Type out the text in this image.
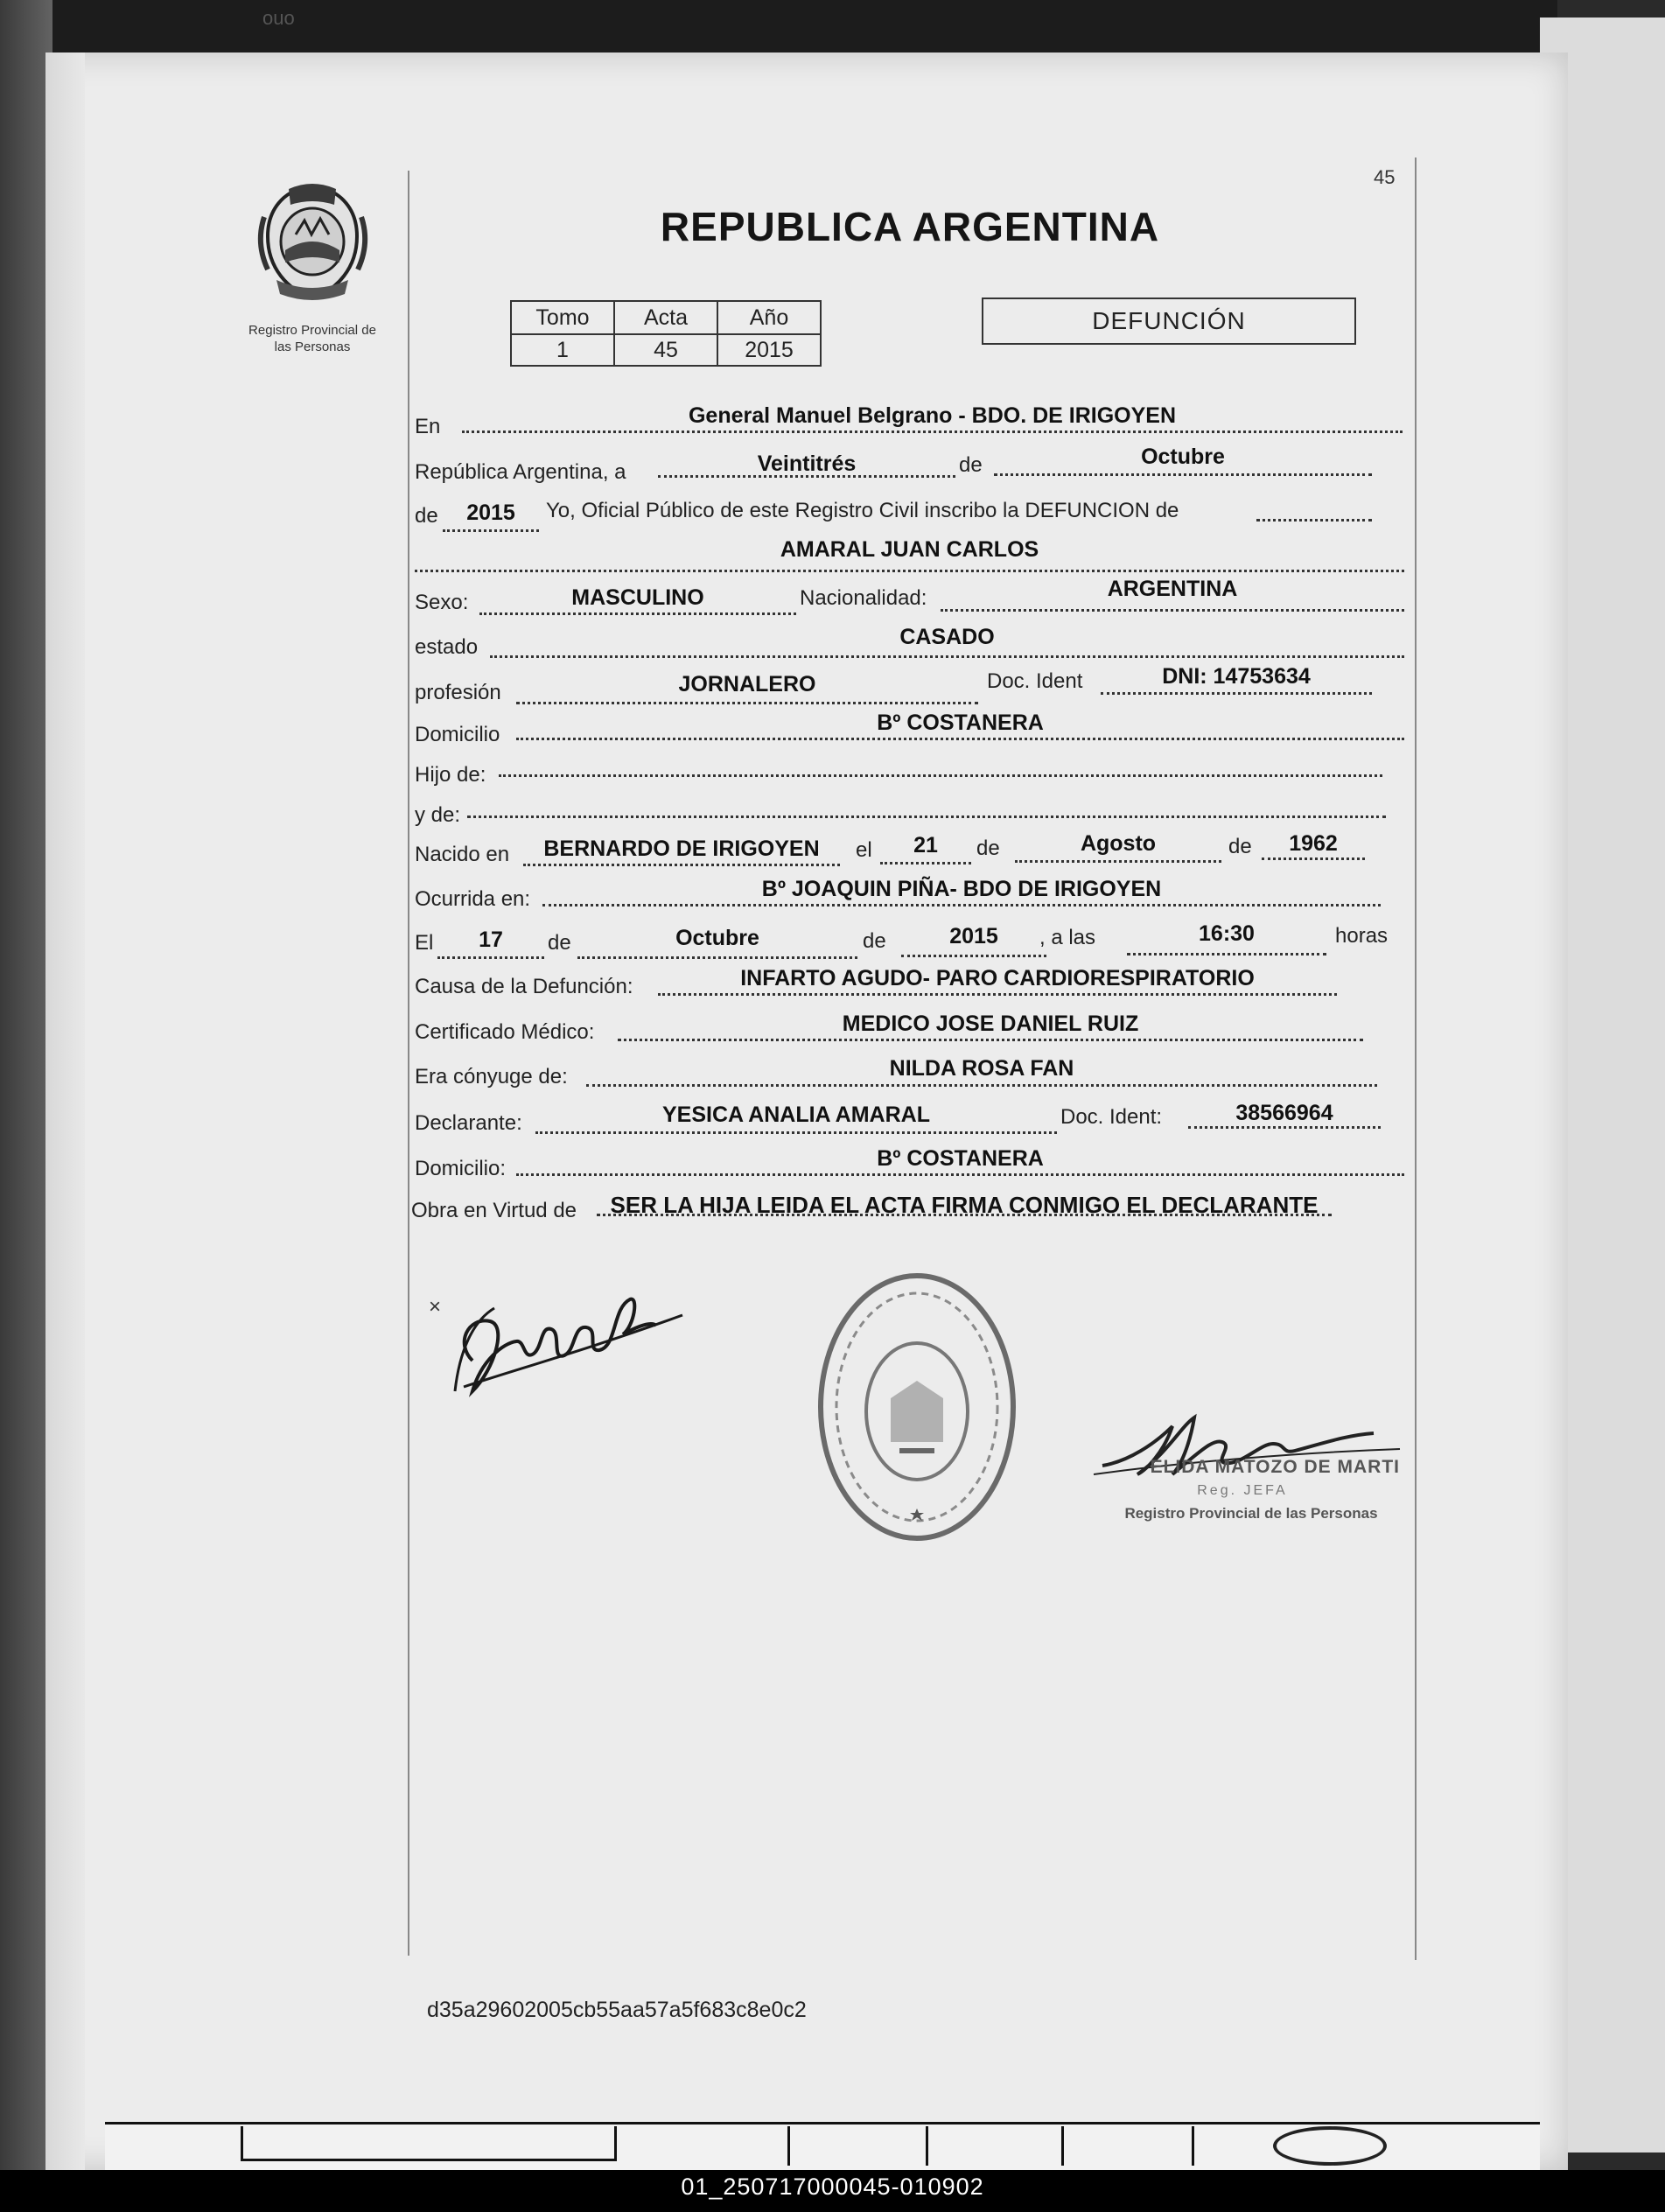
ouo
45
Registro Provincial de
las Personas
REPUBLICA ARGENTINA
Tomo	Acta	Año
1	45	2015
DEFUNCIÓN
En	General Manuel Belgrano - BDO. DE IRIGOYEN
República Argentina, a	Veintitrés	de	Octubre
de	2015	Yo, Oficial Público de este Registro Civil inscribo la DEFUNCION de
AMARAL JUAN CARLOS
Sexo:	MASCULINO	Nacionalidad:	ARGENTINA
estado	CASADO
profesión	JORNALERO	Doc. Ident	DNI: 14753634
Domicilio	Bº COSTANERA
Hijo de:
y de:
Nacido en	BERNARDO DE IRIGOYEN	el	21	de	Agosto	de	1962
Ocurrida en:	Bº JOAQUIN PIÑA- BDO DE IRIGOYEN
El	17	de	Octubre	de	2015	, a las	16:30	horas
Causa de la Defunción:	INFARTO AGUDO- PARO CARDIORESPIRATORIO
Certificado Médico:	MEDICO JOSE DANIEL RUIZ
Era cónyuge de:	NILDA ROSA FAN
Declarante:	YESICA ANALIA AMARAL	Doc. Ident:	38566964
Domicilio:	Bº COSTANERA
Obra en Virtud de	SER LA HIJA LEIDA EL ACTA FIRMA CONMIGO EL DECLARANTE
×
ELIDA MATOZO DE MARTI
Reg. JEFA
Registro Provincial de las Personas
d35a29602005cb55aa57a5f683c8e0c2
01_250717000045-010902
